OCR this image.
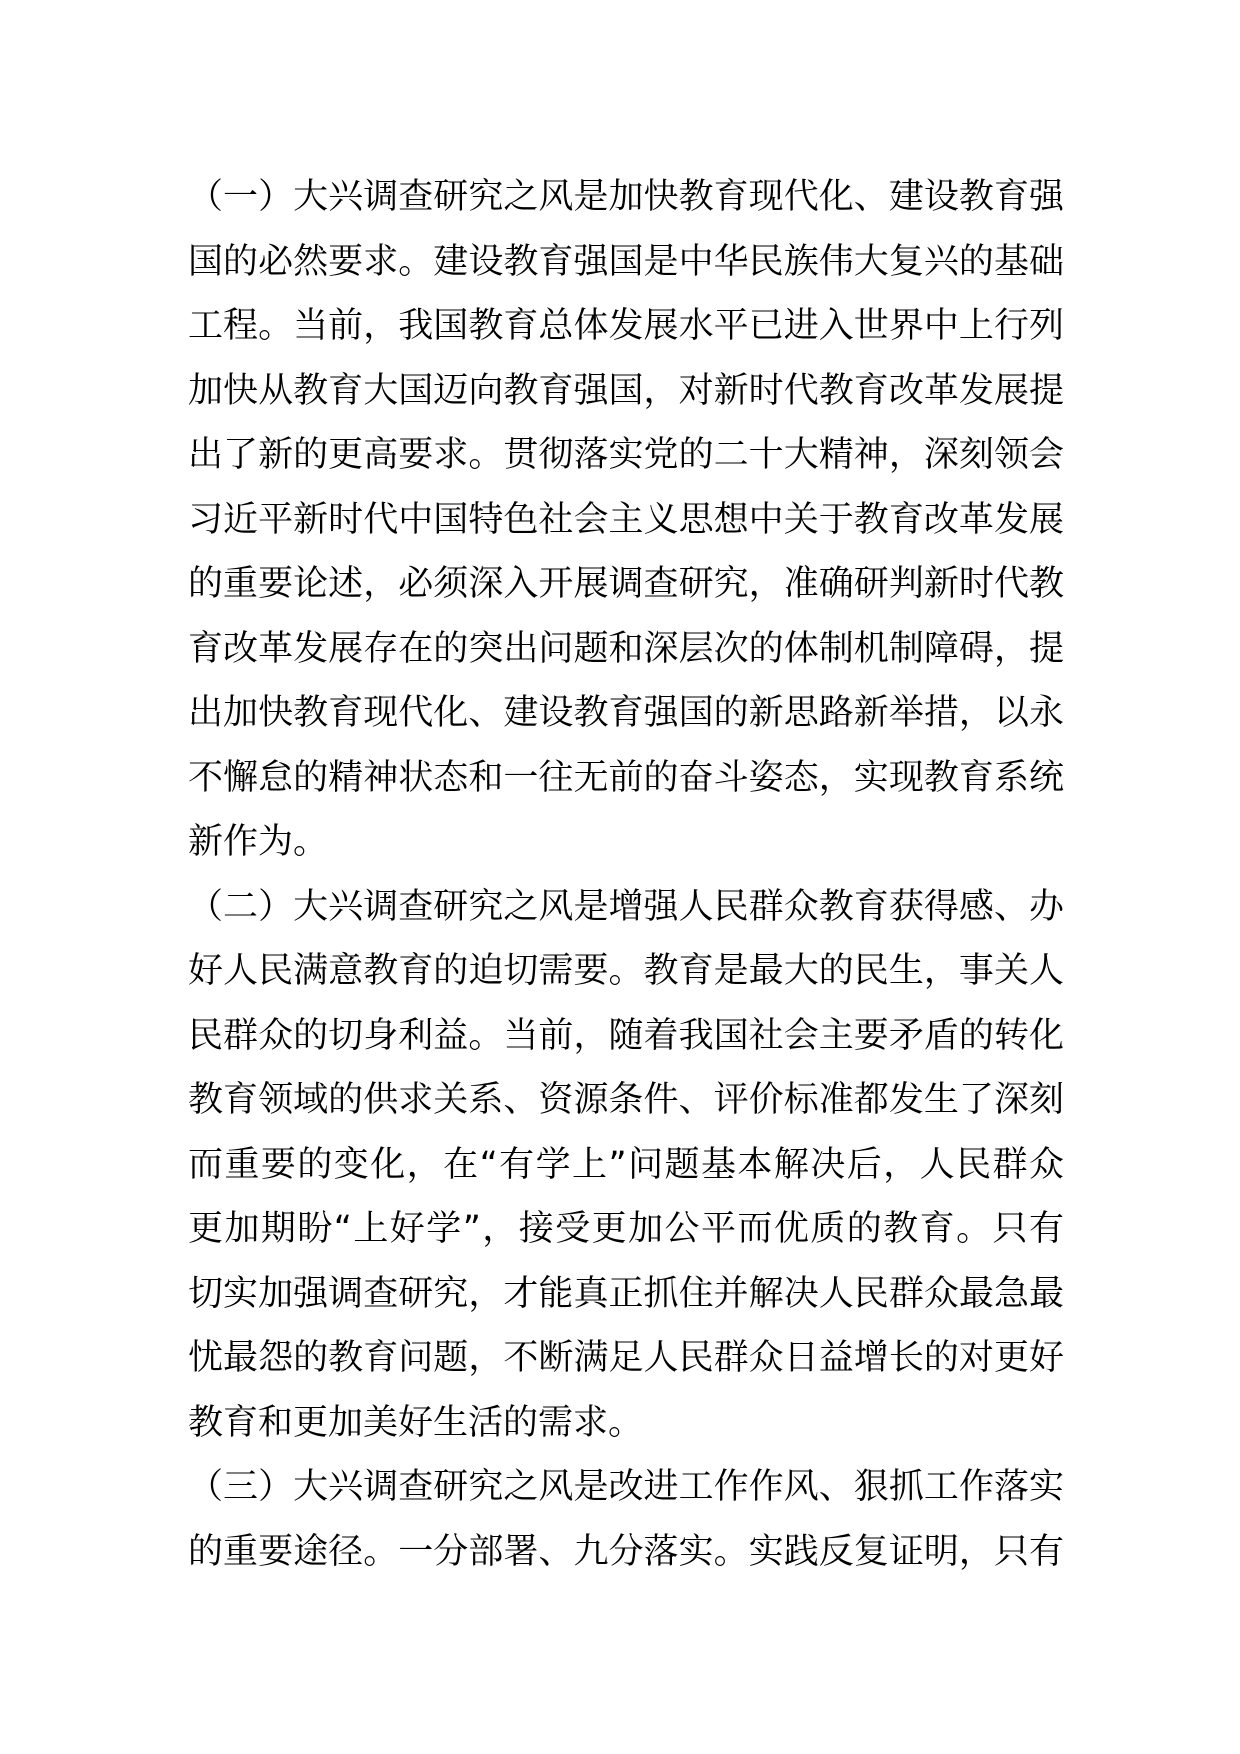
（一）大兴调查研究之风是加快教育现代化、建设教育强
国的必然要求。建设教育强国是中华民族伟大复兴的基础
工程。当前，我国教育总体发展水平已进入世界中上行列
加快从教育大国迈向教育强国，对新时代教育改革发展提
出了新的更高要求。贯彻落实党的二十大精神，深刻领会
习近平新时代中国特色社会主义思想中关于教育改革发展
的重要论述，必须深入开展调查研究，准确研判新时代教
育改革发展存在的突出问题和深层次的体制机制障碍，提
出加快教育现代化、建设教育强国的新思路新举措，以永
不懈怠的精神状态和一往无前的奋斗姿态，实现教育系统
新作为。
（二）大兴调查研究之风是增强人民群众教育获得感、办
好人民满意教育的迫切需要。教育是最大的民生，事关人
民群众的切身利益。当前，随着我国社会主要矛盾的转化
教育领域的供求关系、资源条件、评价标准都发生了深刻
而重要的变化，在“有学上”问题基本解决后，人民群众
更加期盼“上好学”，接受更加公平而优质的教育。只有
切实加强调查研究，才能真正抓住并解决人民群众最急最
忧最怨的教育问题，不断满足人民群众日益增长的对更好
教育和更加美好生活的需求。
（三）大兴调查研究之风是改进工作作风、狠抓工作落实
的重要途径。一分部署、九分落实。实践反复证明，只有
